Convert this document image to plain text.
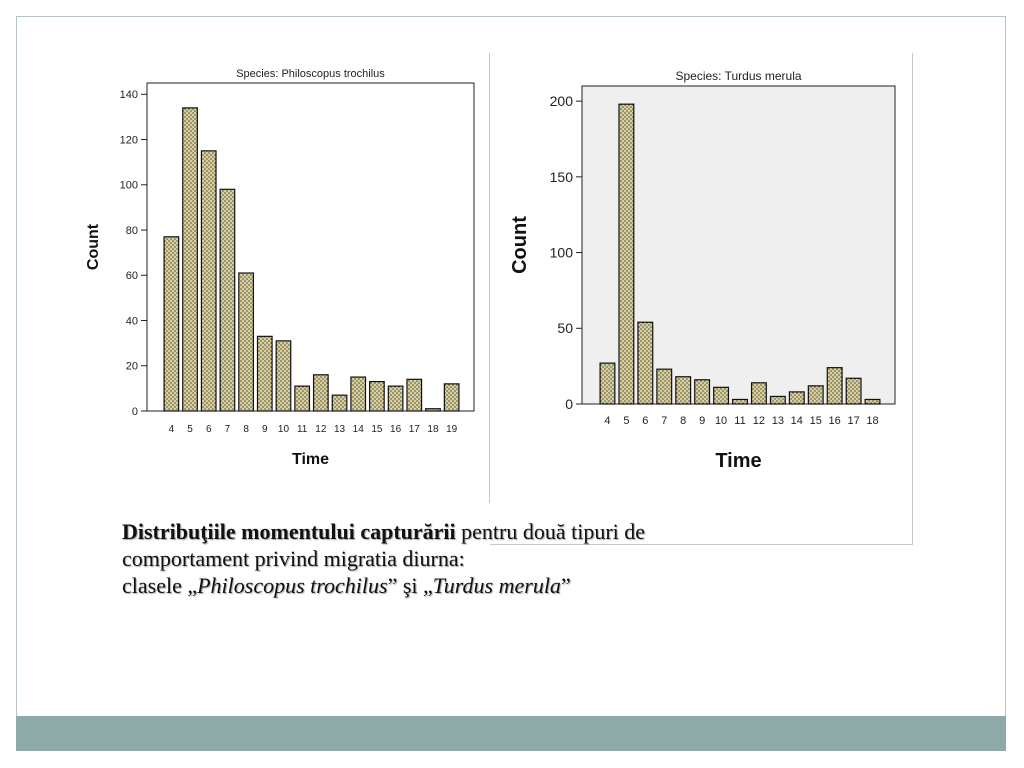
Species: Philoscopus trochilus
0
20
40
60
80
100
120
140
4 5 6 7 8 9 10 11 12 13 14 15 16 17 18 19
Time
Count
Species: Turdus merula
0
50
100
150
200
4 5 6 7 8 9 10 11 12 13 14 15 16 17 18
Time
Count
Distribuţiile momentului capturării pentru două tipuri de
comportament privind migratia diurna:
clasele „Philoscopus trochilus” şi „Turdus merula”
